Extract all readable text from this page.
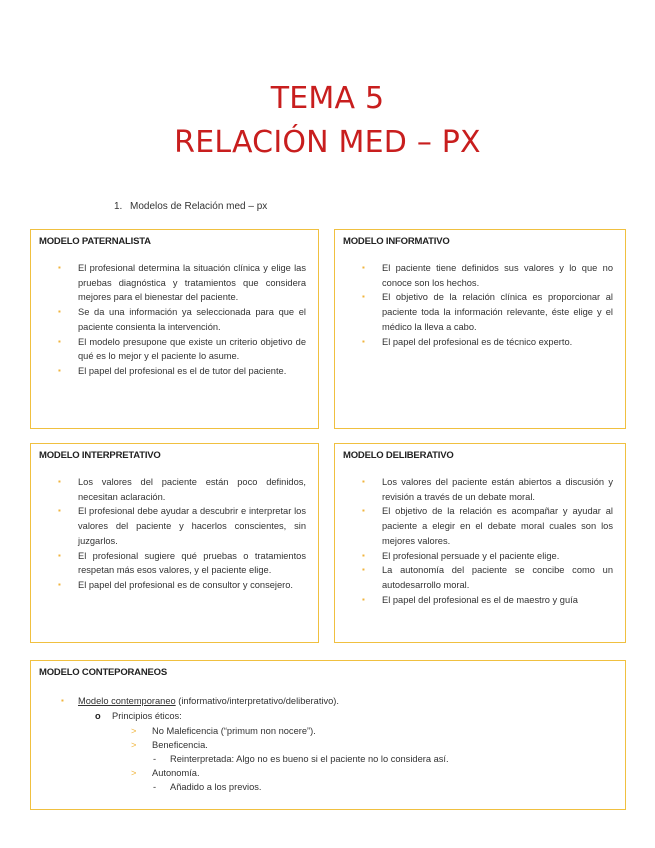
TEMA 5
RELACIÓN MED – PX
1. Modelos de Relación med – px
MODELO PATERNALISTA
▪ El profesional determina la situación clínica y elige las pruebas diagnóstica y tratamientos que considera mejores para el bienestar del paciente.
▪ Se da una información ya seleccionada para que el paciente consienta la intervención.
▪ El modelo presupone que existe un criterio objetivo de qué es lo mejor y el paciente lo asume.
▪ El papel del profesional es el de tutor del paciente.
MODELO INFORMATIVO
▪ El paciente tiene definidos sus valores y lo que no conoce son los hechos.
▪ El objetivo de la relación clínica es proporcionar al paciente toda la información relevante, éste elige y el médico la lleva a cabo.
▪ El papel del profesional es de técnico experto.
MODELO INTERPRETATIVO
▪ Los valores del paciente están poco definidos, necesitan aclaración.
▪ El profesional debe ayudar a descubrir e interpretar los valores del paciente y hacerlos conscientes, sin juzgarlos.
▪ El profesional sugiere qué pruebas o tratamientos respetan más esos valores, y el paciente elige.
▪ El papel del profesional es de consultor y consejero.
MODELO DELIBERATIVO
▪ Los valores del paciente están abiertos a discusión y revisión a través de un debate moral.
▪ El objetivo de la relación es acompañar y ayudar al paciente a elegir en el debate moral cuales son los mejores valores.
▪ El profesional persuade y el paciente elige.
▪ La autonomía del paciente se concibe como un autodesarrollo moral.
▪ El papel del profesional es el de maestro y guía
MODELO CONTEPORANEOS
▪ Modelo contemporaneo (informativo/interpretativo/deliberativo).
o Principios éticos:
> No Maleficencia (“primum non nocere”).
> Beneficencia.
- Reinterpretada: Algo no es bueno si el paciente no lo considera así.
> Autonomía.
- Añadido a los previos.
